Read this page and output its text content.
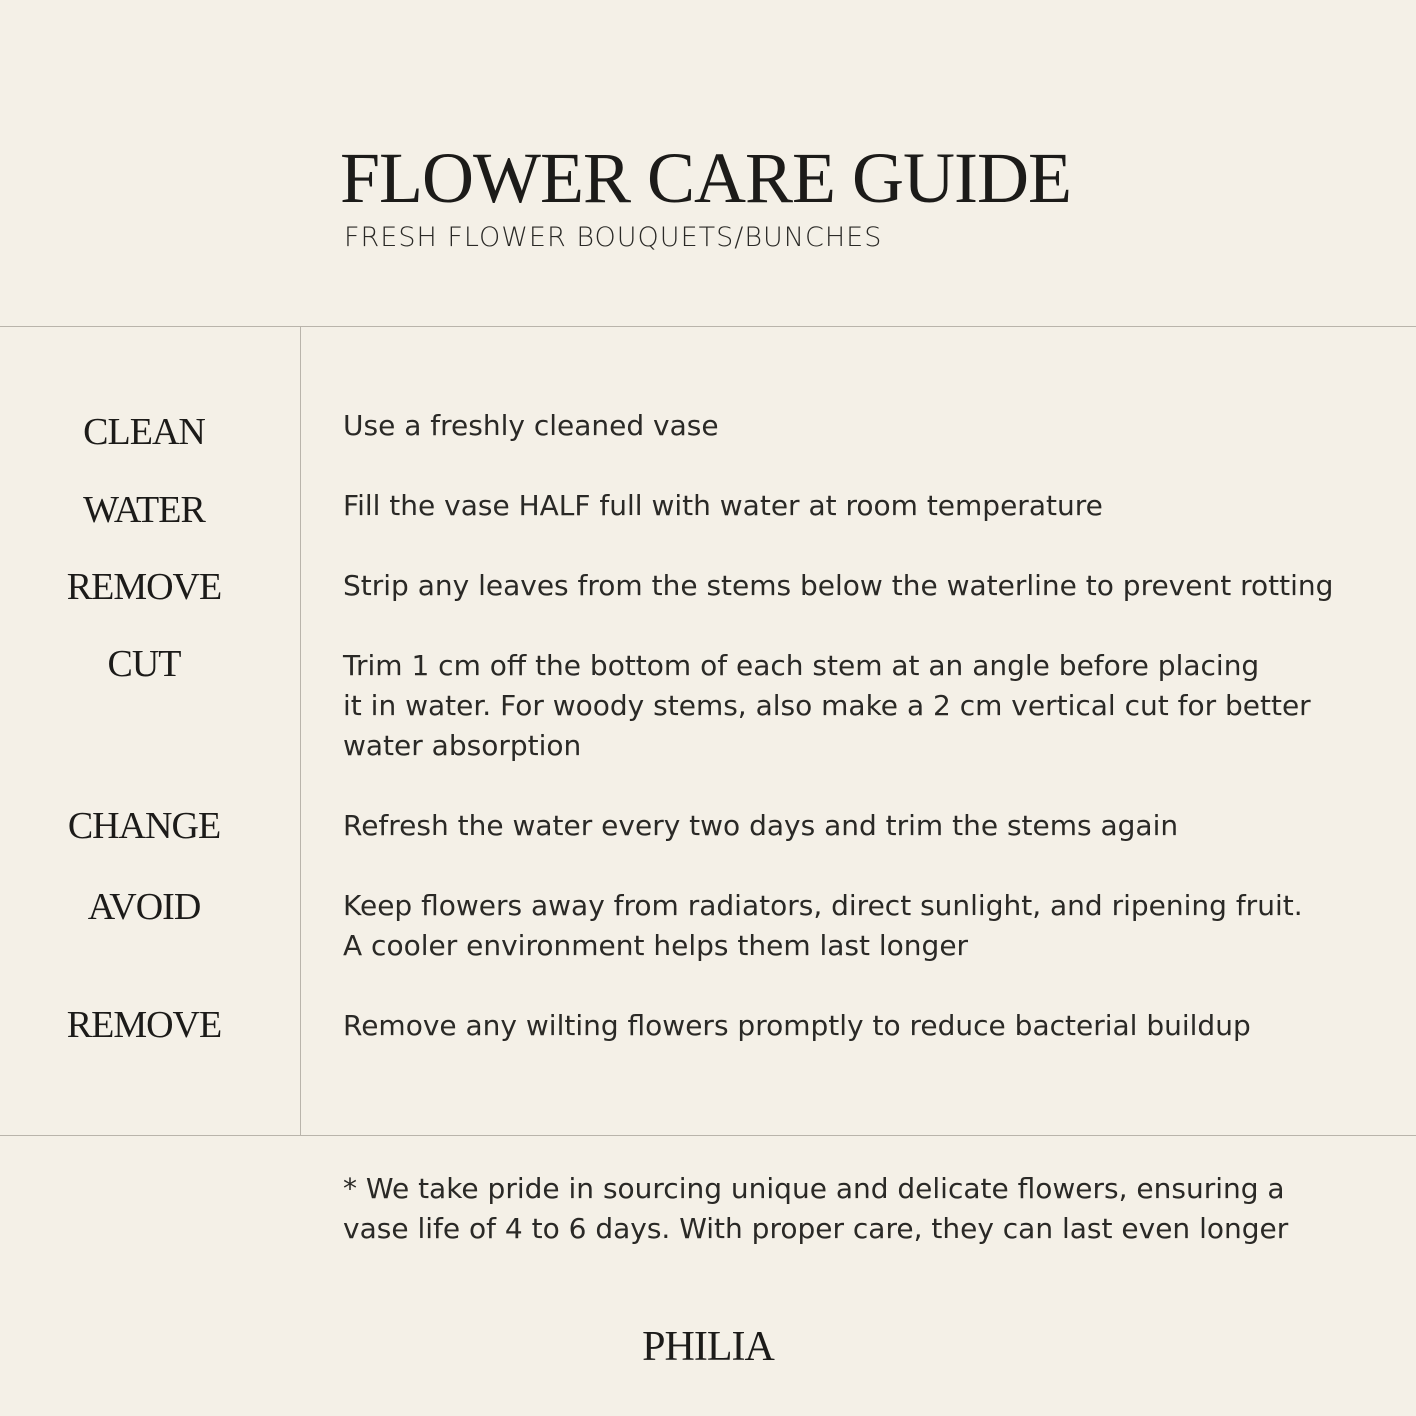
FLOWER CARE GUIDE
FRESH FLOWER BOUQUETS/BUNCHES
CLEAN	Use a freshly cleaned vase
WATER	Fill the vase HALF full with water at room temperature
REMOVE	Strip any leaves from the stems below the waterline to prevent rotting
CUT	Trim 1 cm off the bottom of each stem at an angle before placing
it in water. For woody stems, also make a 2 cm vertical cut for better
water absorption
CHANGE	Refresh the water every two days and trim the stems again
AVOID	Keep flowers away from radiators, direct sunlight, and ripening fruit.
A cooler environment helps them last longer
REMOVE	Remove any wilting flowers promptly to reduce bacterial buildup
* We take pride in sourcing unique and delicate flowers, ensuring a
vase life of 4 to 6 days. With proper care, they can last even longer
PHILIA
